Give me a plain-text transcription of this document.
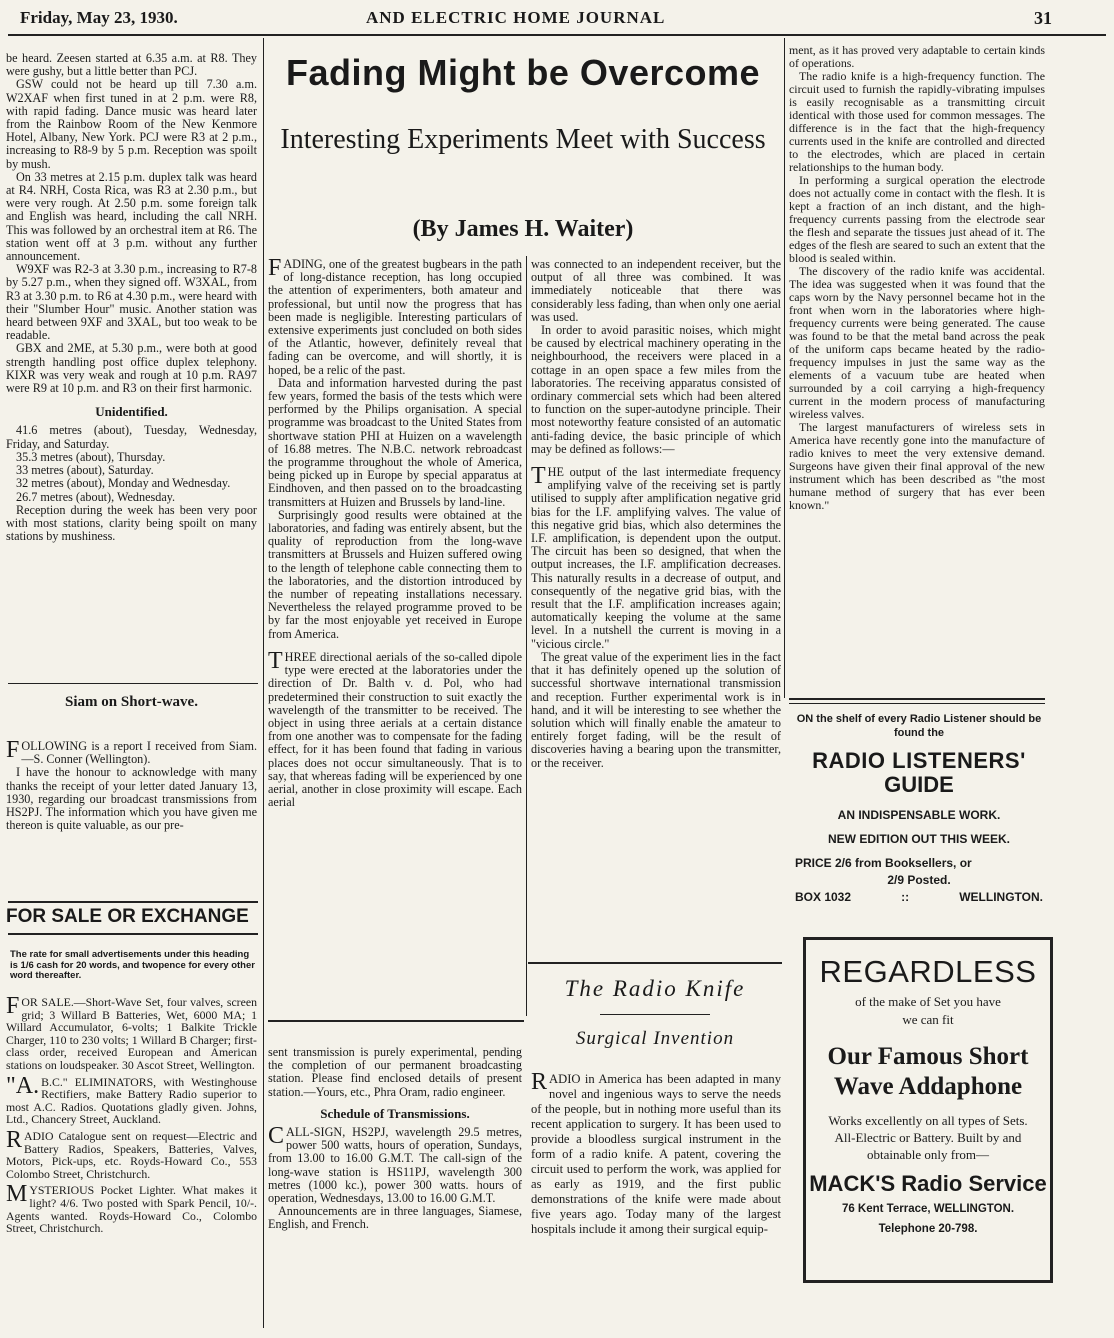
Friday, May 23, 1930.	AND ELECTRIC HOME JOURNAL	31

be heard. Zeesen started at 6.35 a.m. at R8. They were gushy, but a little better than PCJ.

GSW could not be heard up till 7.30 a.m. W2XAF when first tuned in at 2 p.m. were R8, with rapid fading. Dance music was heard later from the Rainbow Room of the New Kenmore Hotel, Albany, New York. PCJ were R3 at 2 p.m., increasing to R8-9 by 5 p.m. Reception was spoilt by mush.

On 33 metres at 2.15 p.m. duplex talk was heard at R4. NRH, Costa Rica, was R3 at 2.30 p.m., but were very rough. At 2.50 p.m. some foreign talk and English was heard, including the call NRH. This was followed by an orchestral item at R6. The station went off at 3 p.m. without any further announcement.

W9XF was R2-3 at 3.30 p.m., increasing to R7-8 by 5.27 p.m., when they signed off. W3XAL, from R3 at 3.30 p.m. to R6 at 4.30 p.m., were heard with their "Slumber Hour" music. Another station was heard between 9XF and 3XAL, but too weak to be readable.

GBX and 2ME, at 5.30 p.m., were both at good strength handling post office duplex telephony. KIXR was very weak and rough at 10 p.m. RA97 were R9 at 10 p.m. and R3 on their first harmonic.

Unidentified.

41.6 metres (about), Tuesday, Wednesday, Friday, and Saturday.

35.3 metres (about), Thursday.

33 metres (about), Saturday.

32 metres (about), Monday and Wednesday.

26.7 metres (about), Wednesday.

Reception during the week has been very poor with most stations, clarity being spoilt on many stations by mushiness.

Siam on Short-wave.

FOLLOWING is a report I received from Siam.—S. Conner (Wellington).

I have the honour to acknowledge with many thanks the receipt of your letter dated January 13, 1930, regarding our broadcast transmissions from HS2PJ. The information which you have given me thereon is quite valuable, as our pre-

FOR SALE OR EXCHANGE
The rate for small advertisements under this heading is 1/6 cash for 20 words, and twopence for every other word thereafter.

FOR SALE.—Short-Wave Set, four valves, screen grid; 3 Willard B Batteries, Wet, 6000 MA; 1 Willard Accumulator, 6-volts; 1 Balkite Trickle Charger, 110 to 230 volts; 1 Willard B Charger; first-class order, received European and American stations on loudspeaker. 30 Ascot Street, Wellington.

"A.B.C." ELIMINATORS, with Westinghouse Rectifiers, make Battery Radio superior to most A.C. Radios. Quotations gladly given. Johns, Ltd., Chancery Street, Auckland.

RADIO Catalogue sent on request—Electric and Battery Radios, Speakers, Batteries, Valves, Motors, Pick-ups, etc. Royds-Howard Co., 553 Colombo Street, Christchurch.

MYSTERIOUS Pocket Lighter. What makes it light? 4/6. Two posted with Spark Pencil, 10/-. Agents wanted. Royds-Howard Co., Colombo Street, Christchurch.

Fading Might be Overcome
Interesting Experiments Meet with Success
(By James H. Waiter)

FADING, one of the greatest bugbears in the path of long-distance reception, has long occupied the attention of experimenters, both amateur and professional, but until now the progress that has been made is negligible. Interesting particulars of extensive experiments just concluded on both sides of the Atlantic, however, definitely reveal that fading can be overcome, and will shortly, it is hoped, be a relic of the past.

Data and information harvested during the past few years, formed the basis of the tests which were performed by the Philips organisation. A special programme was broadcast to the United States from shortwave station PHI at Huizen on a wavelength of 16.88 metres. The N.B.C. network rebroadcast the programme throughout the whole of America, being picked up in Europe by special apparatus at Eindhoven, and then passed on to the broadcasting transmitters at Huizen and Brussels by land-line.

Surprisingly good results were obtained at the laboratories, and fading was entirely absent, but the quality of reproduction from the long-wave transmitters at Brussels and Huizen suffered owing to the length of telephone cable connecting them to the laboratories, and the distortion introduced by the number of repeating installations necessary. Nevertheless the relayed programme proved to be by far the most enjoyable yet received in Europe from America.

THREE directional aerials of the so-called dipole type were erected at the laboratories under the direction of Dr. Balth v. d. Pol, who had predetermined their construction to suit exactly the wavelength of the transmitter to be received. The object in using three aerials at a certain distance from one another was to compensate for the fading effect, for it has been found that fading in various places does not occur simultaneously. That is to say, that whereas fading will be experienced by one aerial, another in close proximity will escape. Each aerial

was connected to an independent receiver, but the output of all three was combined. It was immediately noticeable that there was considerably less fading, than when only one aerial was used.

In order to avoid parasitic noises, which might be caused by electrical machinery operating in the neighbourhood, the receivers were placed in a cottage in an open space a few miles from the laboratories. The receiving apparatus consisted of ordinary commercial sets which had been altered to function on the super-autodyne principle. Their most noteworthy feature consisted of an automatic anti-fading device, the basic principle of which may be defined as follows:—

THE output of the last intermediate frequency amplifying valve of the receiving set is partly utilised to supply after amplification negative grid bias for the I.F. amplifying valves. The value of this negative grid bias, which also determines the I.F. amplification, is dependent upon the output. The circuit has been so designed, that when the output increases, the I.F. amplification decreases. This naturally results in a decrease of output, and consequently of the negative grid bias, with the result that the I.F. amplification increases again; automatically keeping the volume at the same level. In a nutshell the current is moving in a "vicious circle."

The great value of the experiment lies in the fact that it has definitely opened up the solution of successful shortwave international transmission and reception. Further experimental work is in hand, and it will be interesting to see whether the solution which will finally enable the amateur to entirely forget fading, will be the result of discoveries having a bearing upon the transmitter, or the receiver.

sent transmission is purely experimental, pending the completion of our permanent broadcasting station. Please find enclosed details of present station.—Yours, etc., Phra Oram, radio engineer.

Schedule of Transmissions.

CALL-SIGN, HS2PJ, wavelength 29.5 metres, power 500 watts, hours of operation, Sundays, from 13.00 to 16.00 G.M.T. The call-sign of the long-wave station is HS11PJ, wavelength 300 metres (1000 kc.), power 300 watts. hours of operation, Wednesdays, 13.00 to 16.00 G.M.T.

Announcements are in three languages, Siamese, English, and French.

The Radio Knife
Surgical Invention

RADIO in America has been adapted in many novel and ingenious ways to serve the needs of the people, but in nothing more useful than its recent application to surgery. It has been used to provide a bloodless surgical instrument in the form of a radio knife. A patent, covering the circuit used to perform the work, was applied for as early as 1919, and the first public demonstrations of the knife were made about five years ago. Today many of the largest hospitals include it among their surgical equip-

ment, as it has proved very adaptable to certain kinds of operations.

The radio knife is a high-frequency function. The circuit used to furnish the rapidly-vibrating impulses is easily recognisable as a transmitting circuit identical with those used for common messages. The difference is in the fact that the high-frequency currents used in the knife are controlled and directed to the electrodes, which are placed in certain relationships to the human body.

In performing a surgical operation the electrode does not actually come in contact with the flesh. It is kept a fraction of an inch distant, and the high-frequency currents passing from the electrode sear the flesh and separate the tissues just ahead of it. The edges of the flesh are seared to such an extent that the blood is sealed within.

The discovery of the radio knife was accidental. The idea was suggested when it was found that the caps worn by the Navy personnel became hot in the front when worn in the laboratories where high-frequency currents were being generated. The cause was found to be that the metal band across the peak of the uniform caps became heated by the radio-frequency impulses in just the same way as the elements of a vacuum tube are heated when surrounded by a coil carrying a high-frequency current in the modern process of manufacturing wireless valves.

The largest manufacturers of wireless sets in America have recently gone into the manufacture of radio knives to meet the very extensive demand. Surgeons have given their final approval of the new instrument which has been described as "the most humane method of surgery that has ever been known."

ON the shelf of every Radio Listener should be found the
RADIO LISTENERS'
GUIDE
AN INDISPENSABLE WORK.
NEW EDITION OUT THIS WEEK.
PRICE 2/6 from Booksellers, or
2/9 Posted.
BOX 1032	::	WELLINGTON.
REGARDLESS
of the make of Set you have
we can fit
Our Famous Short
Wave Addaphone
Works excellently on all types of Sets. All-Electric or Battery. Built by and obtainable only from—
MACK'S Radio Service
76 Kent Terrace, WELLINGTON.
Telephone 20-798.
